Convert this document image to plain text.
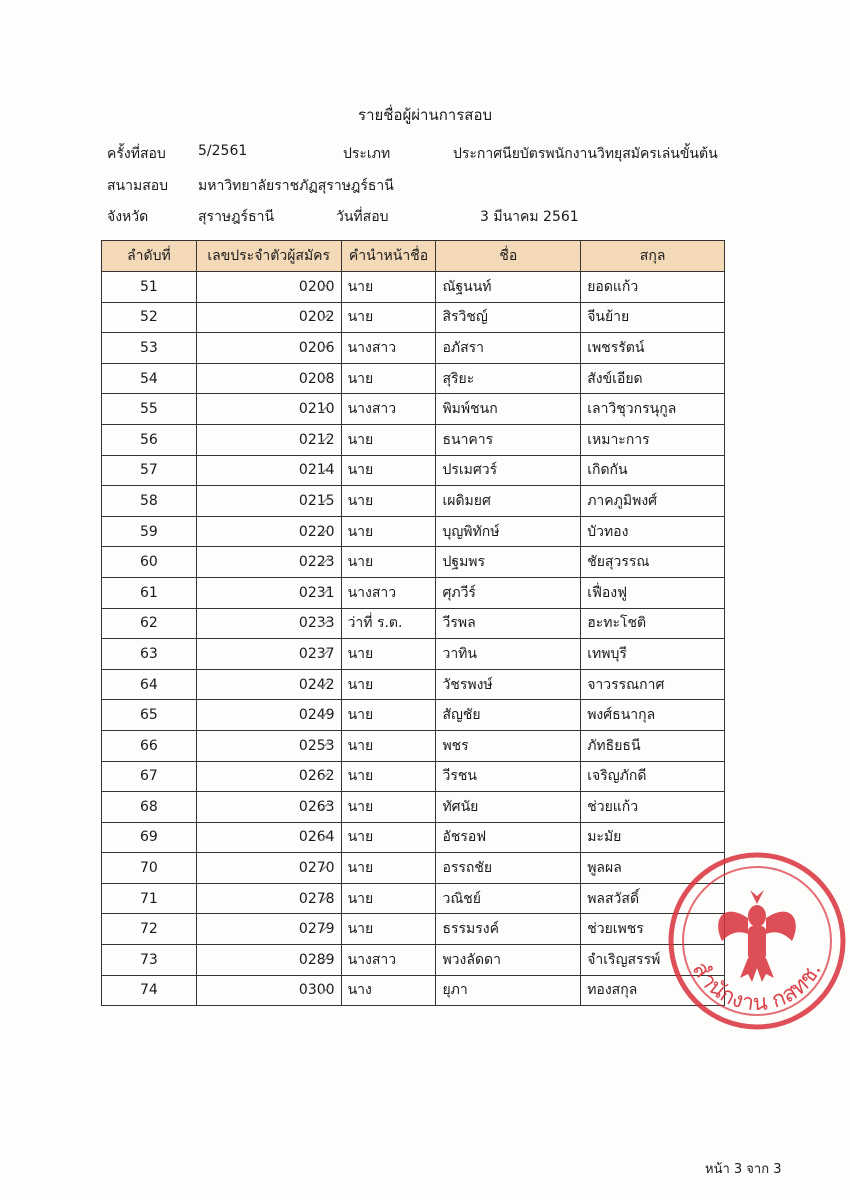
รายชื่อผู้ผ่านการสอบ
ครั้งที่สอบ 5/2561	ประเภท	ประกาศนียบัตรพนักงานวิทยุสมัครเล่นขั้นต้น
สนามสอบ มหาวิทยาลัยราชภัฏสุราษฎร์ธานี
จังหวัด	สุราษฎร์ธานี	วันที่สอบ	3 มีนาคม 2561
ลำดับที่	เลขประจำตัวผู้สมัคร	คำนำหน้าชื่อ	ชื่อ	สกุล
51	0200	นาย	ณัฐนนท์	ยอดแก้ว
52	0202	นาย	สิรวิชญ์	จีนย้าย
53	0206	นางสาว	อภัสรา	เพชรรัตน์
54	0208	นาย	สุริยะ	สังข์เอียด
55	0210	นางสาว	พิมพ์ชนก	เลาวิชุวกรนุกูล
56	0212	นาย	ธนาคาร	เหมาะการ
57	0214	นาย	ปรเมศวร์	เกิดกัน
58	0215	นาย	เผดิมยศ	ภาคภูมิพงศ์
59	0220	นาย	บุญพิทักษ์	บัวทอง
60	0223	นาย	ปฐมพร	ชัยสุวรรณ
61	0231	นางสาว	ศุภวีร์	เฟื่องฟู
62	0233	ว่าที่ ร.ต.	วีรพล	ฮะทะโชติ
63	0237	นาย	วาทิน	เทพบุรี
64	0242	นาย	วัชรพงษ์	จาวรรณกาศ
65	0249	นาย	สัญชัย	พงศ์ธนากุล
66	0253	นาย	พชร	ภัทธิยธนี
67	0262	นาย	วีรชน	เจริญภักดี
68	0263	นาย	ทัศนัย	ช่วยแก้ว
69	0264	นาย	อัชรอฟ	มะมัย
70	0270	นาย	อรรถชัย	พูลผล
71	0278	นาย	วณิชย์	พลสวัสดิ์
72	0279	นาย	ธรรมรงค์	ช่วยเพชร
73	0289	นางสาว	พวงลัดดา	จำเริญสรรพ์
74	0300	นาง	ยุภา	ทองสกุล สำนักงาน กสทช.
หน้า 3 จาก 3
